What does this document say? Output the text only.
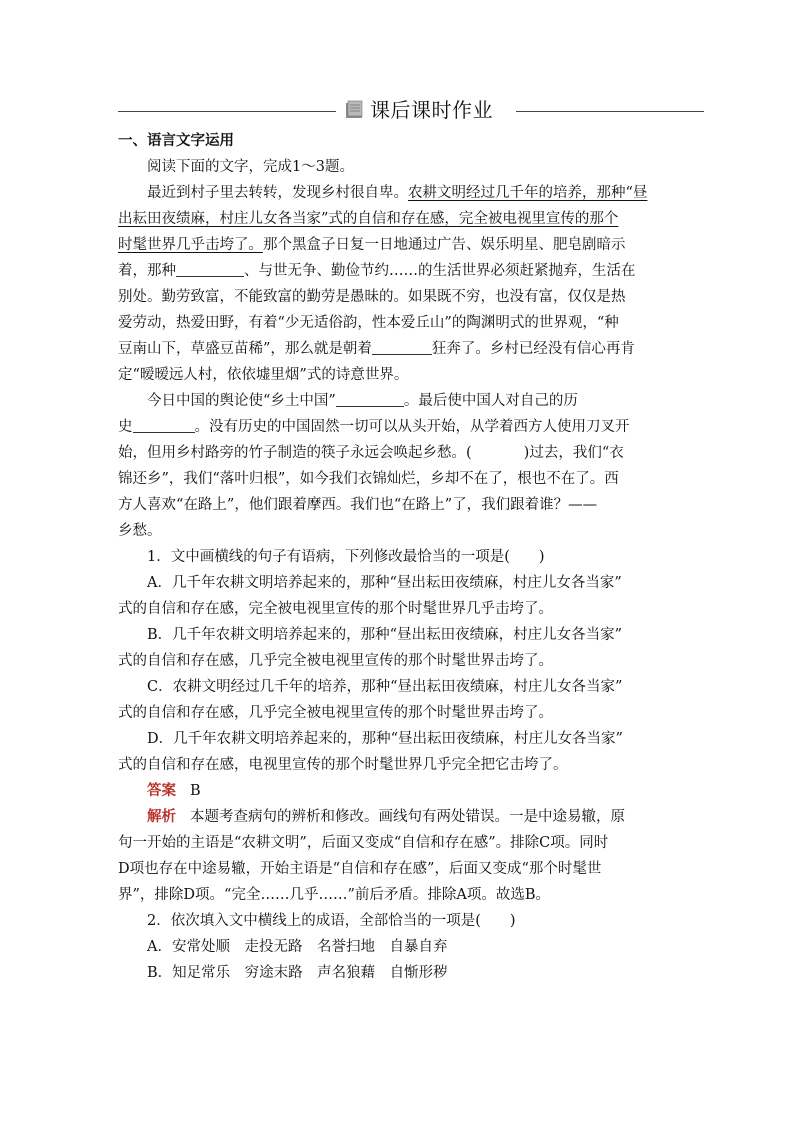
课后课时作业
一、语言文字运用
阅读下面的文字，完成1～3题。
最近到村子里去转转，发现乡村很自卑。农耕文明经过几千年的培养，那种“昼
出耘田夜绩麻，村庄儿女各当家”式的自信和存在感，完全被电视里宣传的那个
时髦世界几乎击垮了。那个黑盒子日复一日地通过广告、娱乐明星、肥皂剧暗示
着，那种	、与世无争、勤俭节约……的生活世界必须赶紧抛弃，生活在
别处。勤劳致富，不能致富的勤劳是愚昧的。如果既不穷，也没有富，仅仅是热
爱劳动，热爱田野，有着“少无适俗韵，性本爱丘山”的陶渊明式的世界观，“种
豆南山下，草盛豆苗稀”，那么就是朝着	狂奔了。乡村已经没有信心再肯
定“暧暧远人村，依依墟里烟”式的诗意世界。
今日中国的舆论使“乡土中国”	。最后使中国人对自己的历
史	。没有历史的中国固然一切可以从头开始，从学着西方人使用刀叉开
始，但用乡村路旁的竹子制造的筷子永远会唤起乡愁。(	)过去，我们“衣
锦还乡”，我们“落叶归根”，如今我们衣锦灿烂，乡却不在了，根也不在了。西
方人喜欢“在路上”，他们跟着摩西。我们也“在路上”了，我们跟着谁？——
乡愁。
1．文中画横线的句子有语病，下列修改最恰当的一项是(　　)
A．几千年农耕文明培养起来的，那种“昼出耘田夜绩麻，村庄儿女各当家”
式的自信和存在感，完全被电视里宣传的那个时髦世界几乎击垮了。
B．几千年农耕文明培养起来的，那种“昼出耘田夜绩麻，村庄儿女各当家”
式的自信和存在感，几乎完全被电视里宣传的那个时髦世界击垮了。
C．农耕文明经过几千年的培养，那种“昼出耘田夜绩麻，村庄儿女各当家”
式的自信和存在感，几乎完全被电视里宣传的那个时髦世界击垮了。
D．几千年农耕文明培养起来的，那种“昼出耘田夜绩麻，村庄儿女各当家”
式的自信和存在感，电视里宣传的那个时髦世界几乎完全把它击垮了。
答案 B
解析 本题考查病句的辨析和修改。画线句有两处错误。一是中途易辙，原
句一开始的主语是“农耕文明”，后面又变成“自信和存在感”。排除C项。同时
D项也存在中途易辙，开始主语是“自信和存在感”，后面又变成“那个时髦世
界”，排除D项。“完全……几乎……”前后矛盾。排除A项。故选B。
2．依次填入文中横线上的成语，全部恰当的一项是(　　)
A．安常处顺　走投无路　名誉扫地　自暴自弃
B．知足常乐　穷途末路　声名狼藉　自惭形秽
